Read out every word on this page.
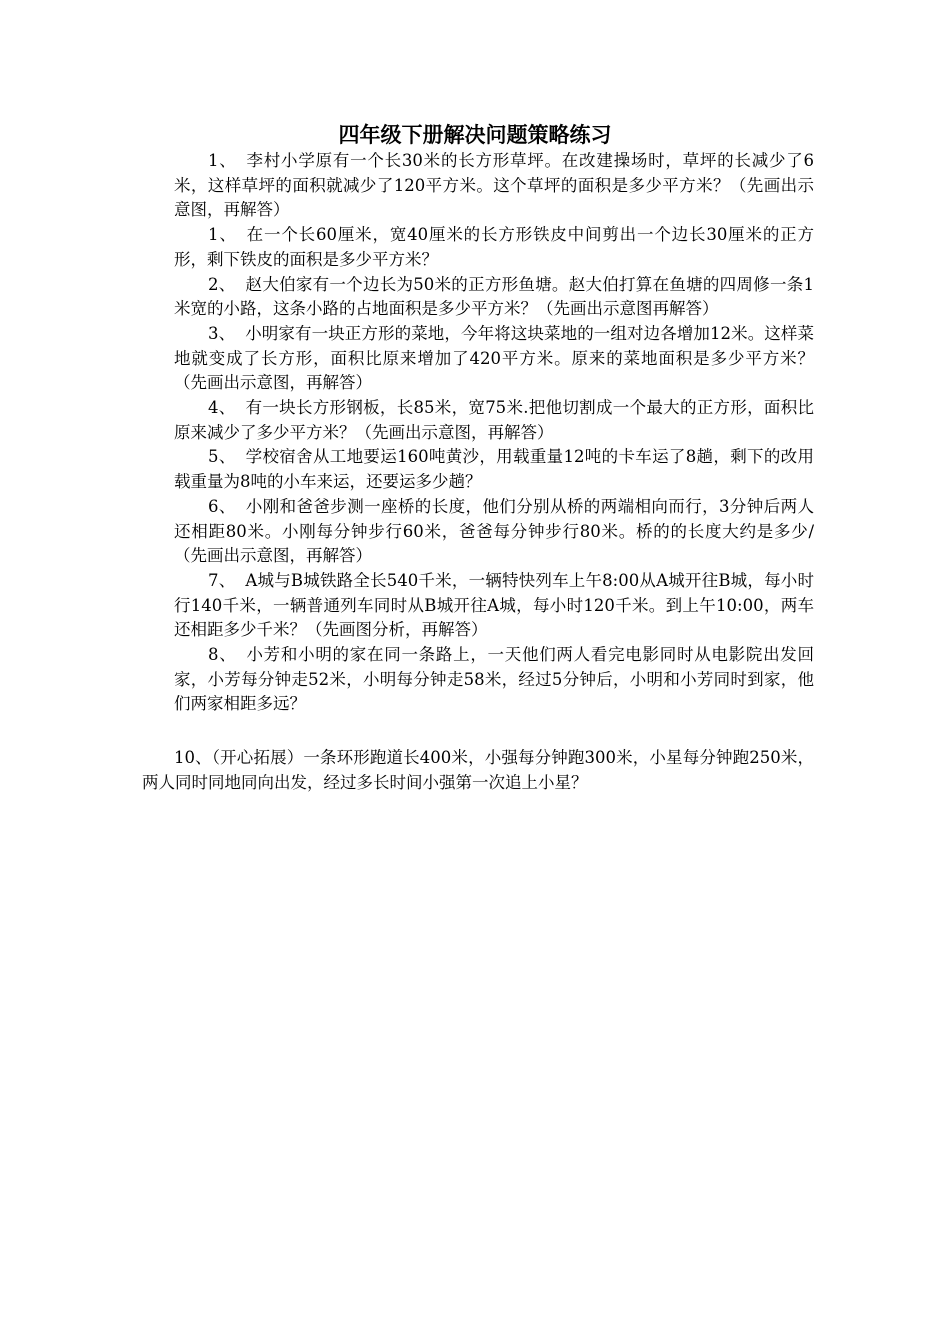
四年级下册解决问题策略练习

1、 李村小学原有一个长30米的长方形草坪。在改建操场时，草坪的长减少了6米，这样草坪的面积就减少了120平方米。这个草坪的面积是多少平方米？（先画出示意图，再解答）

1、 在一个长60厘米，宽40厘米的长方形铁皮中间剪出一个边长30厘米的正方形，剩下铁皮的面积是多少平方米？

2、 赵大伯家有一个边长为50米的正方形鱼塘。赵大伯打算在鱼塘的四周修一条1米宽的小路，这条小路的占地面积是多少平方米？（先画出示意图再解答）

3、 小明家有一块正方形的菜地，今年将这块菜地的一组对边各增加12米。这样菜地就变成了长方形，面积比原来增加了420平方米。原来的菜地面积是多少平方米？（先画出示意图，再解答）

4、 有一块长方形钢板，长85米，宽75米.把他切割成一个最大的正方形，面积比原来减少了多少平方米？（先画出示意图，再解答）

5、 学校宿舍从工地要运160吨黄沙，用载重量12吨的卡车运了8趟，剩下的改用载重量为8吨的小车来运，还要运多少趟？

6、 小刚和爸爸步测一座桥的长度，他们分别从桥的两端相向而行，3分钟后两人还相距80米。小刚每分钟步行60米，爸爸每分钟步行80米。桥的的长度大约是多少/（先画出示意图，再解答）

7、 A城与B城铁路全长540千米，一辆特快列车上午8:00从A城开往B城，每小时行140千米，一辆普通列车同时从B城开往A城，每小时120千米。到上午10:00，两车还相距多少千米？（先画图分析，再解答）

8、 小芳和小明的家在同一条路上，一天他们两人看完电影同时从电影院出发回家，小芳每分钟走52米，小明每分钟走58米，经过5分钟后，小明和小芳同时到家，他们两家相距多远？

10、（开心拓展）一条环形跑道长400米，小强每分钟跑300米，小星每分钟跑250米，两人同时同地同向出发，经过多长时间小强第一次追上小星？
